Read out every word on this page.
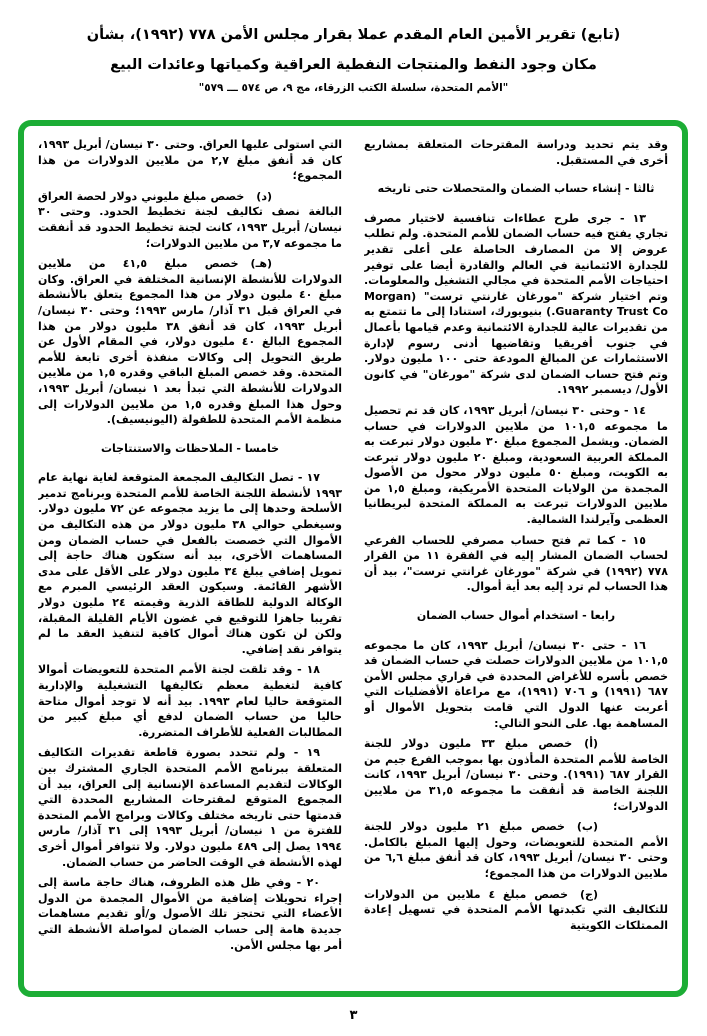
(تابع) تقرير الأمين العام المقدم عملا بقرار مجلس الأمن ٧٧٨ (١٩٩٢)، بشأن
مكان وجود النفط والمنتجات النفطية العراقية وكمياتها وعائدات البيع
"الأمم المتحدة، سلسلة الكتب الزرقاء، مج ٩، ص ٥٧٤ ـــ ٥٧٩"
وقد يتم تحديد ودراسة المقترحات المتعلقة بمشاريع أخرى في المستقبل.
ثالثا - إنشاء حساب الضمان والمتحصلات حتى تاريخه
١٣ - جرى طرح عطاءات تنافسية لاختيار مصرف تجاري يفتح فيه حساب الضمان للأمم المتحدة. ولم تطلب عروض إلا من المصارف الحاصلة على أعلى تقدير للجدارة الائتمانية في العالم والقادرة أيضا على توفير احتياجات الأمم المتحدة في مجالي التشغيل والمعلومات. وتم اختيار شركة "مورغان غارنتي ترست" (Morgan Guaranty Trust Co.) بنيويورك، استنادا إلى ما تتمتع به من تقديرات عالية للجدارة الائتمانية وعدم قيامها بأعمال في جنوب أفريقيا وتقاضيها أدنى رسوم لإدارة الاستثمارات عن المبالغ المودعة حتى ١٠٠ مليون دولار. وتم فتح حساب الضمان لدى شركة "مورغان" في كانون الأول/ ديسمبر ١٩٩٢.
١٤ - وحتى ٣٠ نيسان/ أبريل ١٩٩٣، كان قد تم تحصيل ما مجموعه ١٠١,٥ من ملايين الدولارات في حساب الضمان. ويشمل المجموع مبلغ ٣٠ مليون دولار تبرعت به المملكة العربية السعودية، ومبلغ ٢٠ مليون دولار تبرعت به الكويت، ومبلغ ٥٠ مليون دولار محول من الأصول المجمدة من الولايات المتحدة الأمريكية، ومبلغ ١,٥ من ملايين الدولارات تبرعت به المملكة المتحدة لبريطانيا العظمى وآيرلندا الشمالية.
١٥ - كما تم فتح حساب مصرفي للحساب الفرعي لحساب الضمان المشار إليه في الفقرة ١١ من القرار ٧٧٨ (١٩٩٢) في شركة "مورغان غرانتي ترست"، بيد أن هذا الحساب لم ترد إليه بعد أية أموال.
رابعا - استخدام أموال حساب الضمان
١٦ - حتى ٣٠ نيسان/ أبريل ١٩٩٣، كان ما مجموعه ١٠١,٥ من ملايين الدولارات حصلت في حساب الضمان قد خصص بأسره للأغراض المحددة في قراري مجلس الأمن ٦٨٧ (١٩٩١) و ٧٠٦ (١٩٩١)، مع مراعاة الأفضليات التي أعربت عنها الدول التي قامت بتحويل الأموال أو المساهمة بها. على النحو التالي:
(أ)خصص مبلغ ٣٣ مليون دولار للجنة الخاصة للأمم المتحدة المأذون بها بموجب الفرع جيم من القرار ٦٨٧ (١٩٩١). وحتى ٣٠ نيسان/ أبريل ١٩٩٣، كانت اللجنة الخاصة قد أنفقت ما مجموعه ٣١,٥ من ملايين الدولارات؛
(ب)خصص مبلغ ٢١ مليون دولار للجنة الأمم المتحدة للتعويضات، وحول إليها المبلغ بالكامل. وحتى ٣٠ نيسان/ أبريل ١٩٩٣، كان قد أنفق مبلغ ٦,٦ من ملايين الدولارات من هذا المجموع؛
(ج)خصص مبلغ ٤ ملايين من الدولارات للتكاليف التي تكبدتها الأمم المتحدة في تسهيل إعادة الممتلكات الكويتية
التي استولى عليها العراق. وحتى ٣٠ نيسان/ أبريل ١٩٩٣، كان قد أنفق مبلغ ٢,٧ من ملايين الدولارات من هذا المجموع؛
(د)خصص مبلغ مليوني دولار لحصة العراق البالغة نصف تكاليف لجنة تخطيط الحدود. وحتى ٣٠ نيسان/ أبريل ١٩٩٣، كانت لجنة تخطيط الحدود قد أنفقت ما مجموعه ٣,٧ من ملايين الدولارات؛
(هـ)خصص مبلغ ٤١,٥ من ملايين الدولارات للأنشطة الإنسانية المختلفة في العراق. وكان مبلغ ٤٠ مليون دولار من هذا المجموع يتعلق بالأنشطة في العراق قبل ٣١ آذار/ مارس ١٩٩٣؛ وحتى ٣٠ نيسان/ أبريل ١٩٩٣، كان قد أنفق ٣٨ مليون دولار من هذا المجموع البالغ ٤٠ مليون دولار، في المقام الأول عن طريق التحويل إلى وكالات منفذة أخرى تابعة للأمم المتحدة. وقد خصص المبلغ الباقي وقدره ١,٥ من ملايين الدولارات للأنشطة التي تبدأ بعد ١ نيسان/ أبريل ١٩٩٣، وحول هذا المبلغ وقدره ١,٥ من ملايين الدولارات إلى منظمة الأمم المتحدة للطفولة (اليونيسيف).
خامسا - الملاحظات والاستنتاجات
١٧ - تصل التكاليف المجمعة المتوقعة لغاية نهاية عام ١٩٩٣ لأنشطة اللجنة الخاصة للأمم المتحدة وبرنامج تدمير الأسلحة وحدها إلى ما يزيد مجموعه عن ٧٢ مليون دولار. وسيغطي حوالي ٣٨ مليون دولار من هذه التكاليف من الأموال التي خصصت بالفعل في حساب الضمان ومن المساهمات الأخرى، بيد أنه ستكون هناك حاجة إلى تمويل إضافي يبلغ ٣٤ مليون دولار على الأقل على مدى الأشهر القائمة. وسيكون العقد الرئيسي المبرم مع الوكالة الدولية للطاقة الذرية وقيمته ٢٤ مليون دولار تقريبا جاهزا للتوقيع في غضون الأيام القليلة المقبلة، ولكن لن تكون هناك أموال كافية لتنفيذ العقد ما لم يتوافر نقد إضافي.
١٨ - وقد تلقت لجنة الأمم المتحدة للتعويضات أموالا كافية لتغطية معظم تكاليفها التشغيلية والإدارية المتوقعة حاليا لعام ١٩٩٣. بيد أنه لا توجد أموال متاحة حاليا من حساب الضمان لدفع أي مبلغ كبير من المطالبات الفعلية للأطراف المتضررة.
١٩ - ولم تتحدد بصورة قاطعة تقديرات التكاليف المتعلقة ببرنامج الأمم المتحدة الجاري المشترك بين الوكالات لتقديم المساعدة الإنسانية إلى العراق، بيد أن المجموع المتوقع لمقترحات المشاريع المحددة التي قدمتها حتى تاريخه مختلف وكالات وبرامج الأمم المتحدة للفترة من ١ نيسان/ أبريل ١٩٩٣ إلى ٣١ آذار/ مارس ١٩٩٤ يصل إلى ٤٨٩ مليون دولار. ولا تتوافر أموال أخرى لهذه الأنشطة في الوقت الحاضر من حساب الضمان.
٢٠ - وفي ظل هذه الظروف، هناك حاجة ماسة إلى إجراء تحويلات إضافية من الأموال المجمدة من الدول الأعضاء التي تحتجز تلك الأصول و/أو تقديم مساهمات جديدة هامة إلى حساب الضمان لمواصلة الأنشطة التي أمر بها مجلس الأمن.
٣
